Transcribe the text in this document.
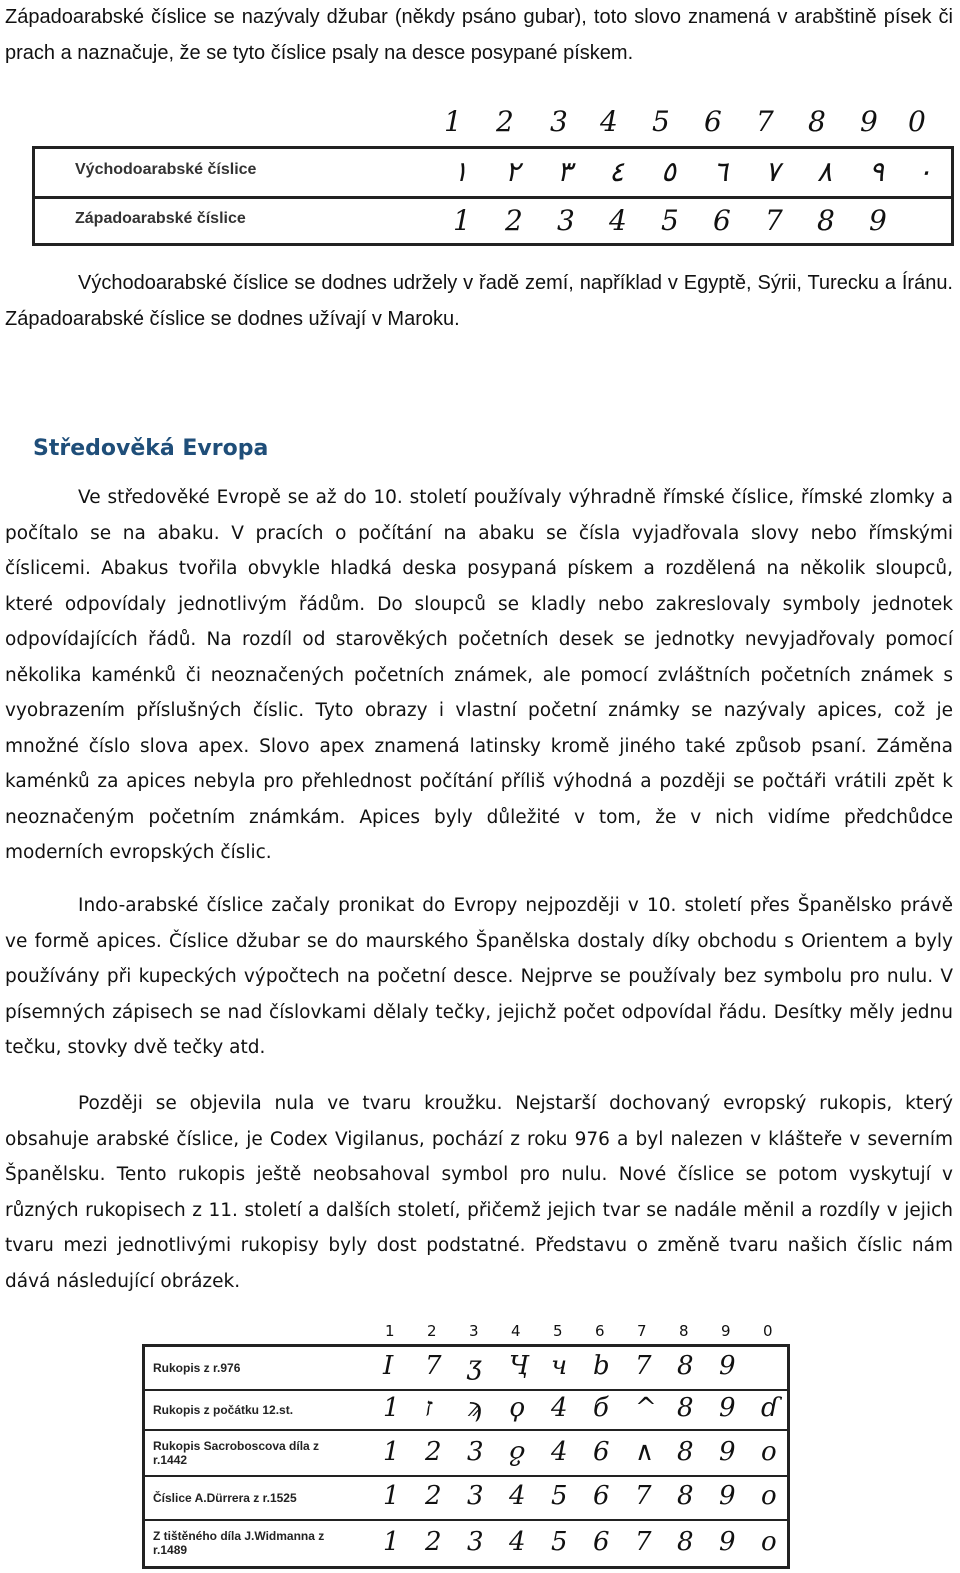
Západoarabské číslice se nazývaly džubar (někdy psáno gubar), toto slovo znamená v arabštině písek či prach a naznačuje, že se tyto číslice psaly na desce posypané pískem.

1 2 3 4 5 6 7 8 9 0
Východoarabské číslice	١ ٢ ٣ ٤ ٥ ٦ ٧ ٨ ٩ ٠
Západoarabské číslice	1 2 3 4 5 6 7 8 9

Východoarabské číslice se dodnes udržely v řadě zemí, například v Egyptě, Sýrii, Turecku a Íránu. Západoarabské číslice se dodnes užívají v Maroku.

Středověká Evropa

Ve středověké Evropě se až do 10. století používaly výhradně římské číslice, římské zlomky a počítalo se na abaku. V pracích o počítání na abaku se čísla vyjadřovala slovy nebo římskými číslicemi. Abakus tvořila obvykle hladká deska posypaná pískem a rozdělená na několik sloupců, které odpovídaly jednotlivým řádům. Do sloupců se kladly nebo zakreslovaly symboly jednotek odpovídajících řádů. Na rozdíl od starověkých početních desek se jednotky nevyjadřovaly pomocí několika kaménků či neoznačených početních známek, ale pomocí zvláštních početních známek s vyobrazením příslušných číslic. Tyto obrazy i vlastní početní známky se nazývaly apices, což je množné číslo slova apex. Slovo apex znamená latinsky kromě jiného také způsob psaní. Záměna kaménků za apices nebyla pro přehlednost počítání příliš výhodná a později se počtáři vrátili zpět k neoznačeným početním známkám. Apices byly důležité v tom, že v nich vidíme předchůdce moderních evropských číslic.

Indo-arabské číslice začaly pronikat do Evropy nejpozději v 10. století přes Španělsko právě ve formě apices. Číslice džubar se do maurského Španělska dostaly díky obchodu s Orientem a byly používány při kupeckých výpočtech na početní desce. Nejprve se používaly bez symbolu pro nulu. V písemných zápisech se nad číslovkami dělaly tečky, jejichž počet odpovídal řádu. Desítky měly jednu tečku, stovky dvě tečky atd.

Později se objevila nula ve tvaru kroužku. Nejstarší dochovaný evropský rukopis, který obsahuje arabské číslice, je Codex Vigilanus, pochází z roku 976 a byl nalezen v klášteře v severním Španělsku. Tento rukopis ještě neobsahoval symbol pro nulu. Nové číslice se potom vyskytují v různých rukopisech z 11. století a dalších století, přičemž jejich tvar se nadále měnil a rozdíly v jejich tvaru mezi jednotlivými rukopisy byly dost podstatné. Představu o změně tvaru našich číslic nám dává následující obrázek.

1 2 3 4 5 6 7 8 9 0
Rukopis z r.976	I 7 ʒ Ҷ ч b 7 8 9
Rukopis z počátku 12.st.	1 ז ϡ ϙ 4 б ^ 8 9 ɗ
Rukopis Sacroboscova díla z r.1442	1 2 3 ჹ 4 6 ∧ 8 9 o
Číslice A.Dürrera z r.1525	1 2 3 4 5 6 7 8 9 o
Z tištěného díla J.Widmanna z r.1489	1 2 3 4 5 6 7 8 9 o
